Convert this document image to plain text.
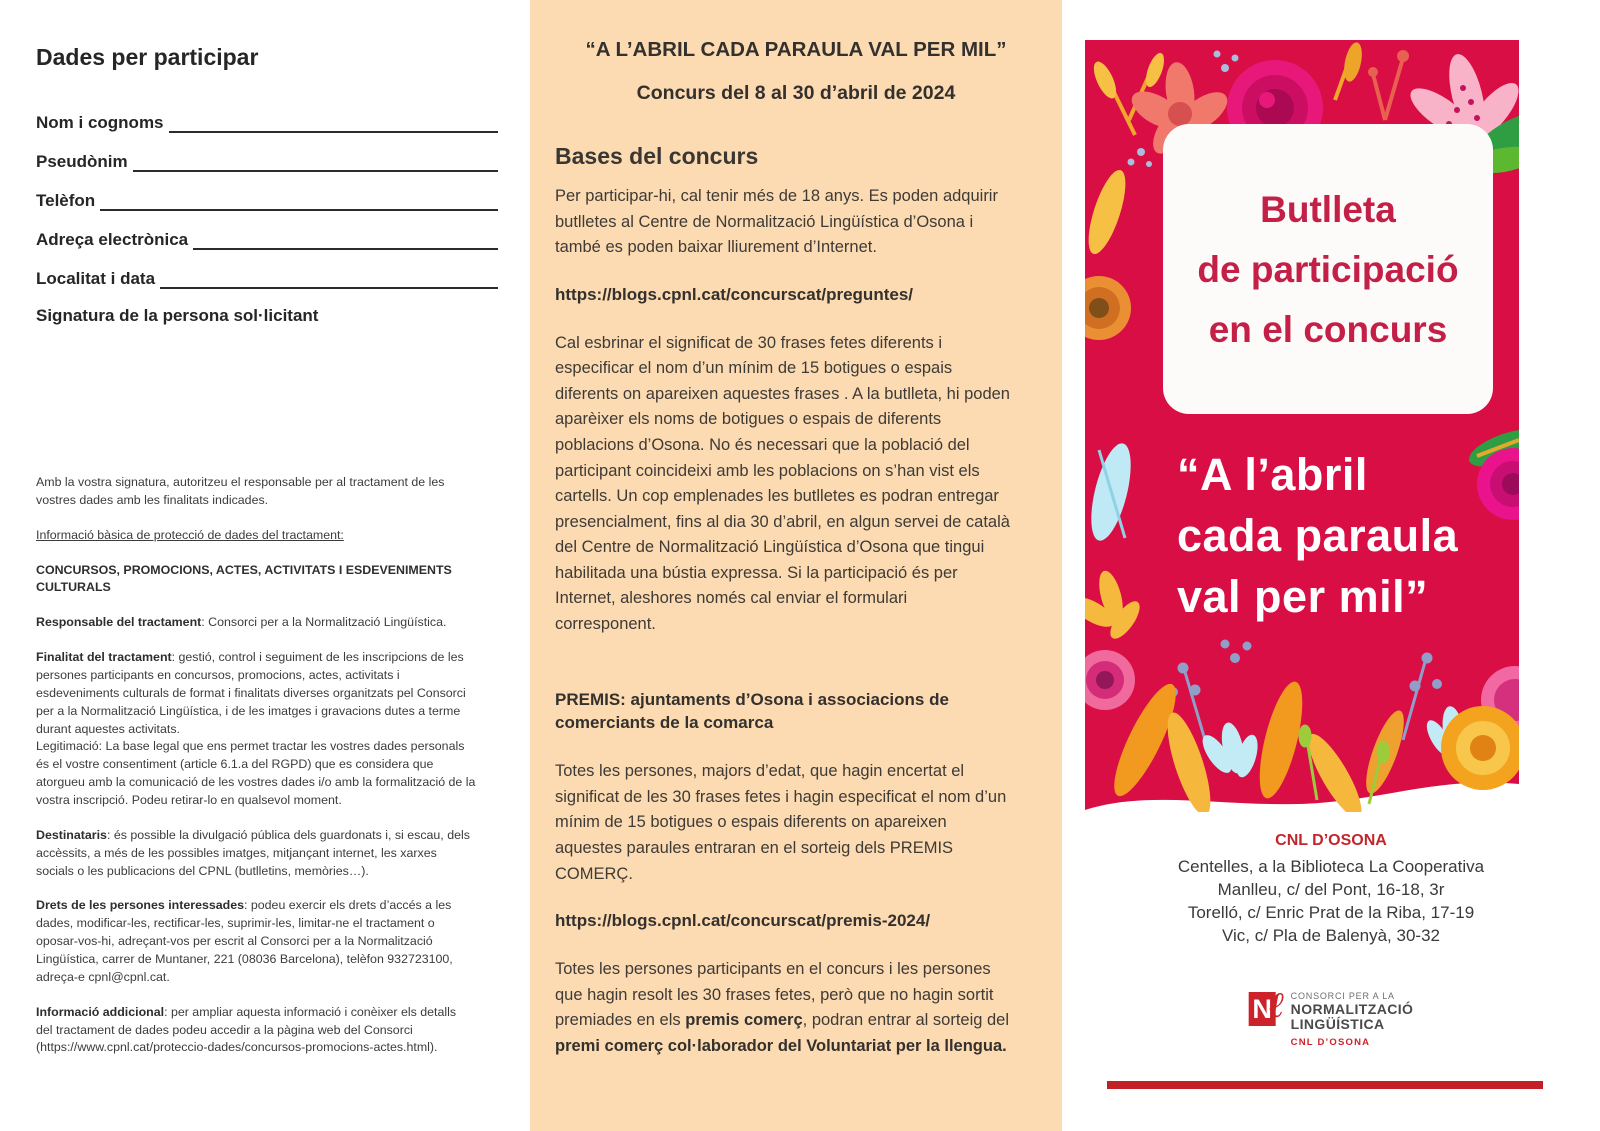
Dades per participar
Nom i cognoms
Pseudònim
Telèfon
Adreça electrònica
Localitat i data
Signatura de la persona sol·licitant
Amb la vostra signatura, autoritzeu el responsable per al tractament de les vostres dades amb les finalitats indicades.
Informació bàsica de protecció de dades del tractament:
CONCURSOS, PROMOCIONS, ACTES, ACTIVITATS I ESDEVENIMENTS CULTURALS
Responsable del tractament: Consorci per a la Normalització Lingüística.
Finalitat del tractament: gestió, control i seguiment de les inscripcions de les persones participants en concursos, promocions, actes, activitats i esdeveniments culturals de format i finalitats diverses organitzats pel Consorci per a la Normalització Lingüística, i de les imatges i gravacions dutes a terme durant aquestes activitats.
Legitimació: La base legal que ens permet tractar les vostres dades personals és el vostre consentiment (article 6.1.a del RGPD) que es considera que atorgueu amb la comunicació de les vostres dades i/o amb la formalització de la vostra inscripció. Podeu retirar-lo en qualsevol moment.
Destinataris: és possible la divulgació pública dels guardonats i, si escau, dels accèssits, a més de les possibles imatges, mitjançant internet, les xarxes socials o les publicacions del CPNL (butlletins, memòries…).
Drets de les persones interessades: podeu exercir els drets d’accés a les dades, modificar-les, rectificar-les, suprimir-les, limitar-ne el tractament o oposar-vos-hi, adreçant-vos per escrit al Consorci per a la Normalització Lingüística, carrer de Muntaner, 221 (08036 Barcelona), telèfon 932723100, adreça-e cpnl@cpnl.cat.
Informació addicional: per ampliar aquesta informació i conèixer els detalls del tractament de dades podeu accedir a la pàgina web del Consorci (https://www.cpnl.cat/proteccio-dades/concursos-promocions-actes.html).
“A L’ABRIL CADA PARAULA VAL PER MIL”
Concurs del 8 al 30 d’abril de 2024
Bases del concurs
Per participar-hi, cal tenir més de 18 anys. Es poden adquirir butlletes al Centre de Normalització Lingüística d’Osona i també es poden baixar lliurement d’Internet.
https://blogs.cpnl.cat/concurscat/preguntes/
Cal esbrinar el significat de 30 frases fetes diferents i especificar el nom d’un mínim de 15 botigues o espais diferents on apareixen aquestes frases . A la butlleta, hi poden aparèixer els noms de botigues o espais de diferents poblacions d’Osona. No és necessari que la població del participant coincideixi amb les poblacions on s’han vist els cartells. Un cop emplenades les butlletes es podran entregar presencialment, fins al dia 30 d’abril, en algun servei de català del Centre de Normalització Lingüística d’Osona que tingui habilitada una bústia expressa. Si la participació és per Internet, aleshores només cal enviar el formulari corresponent.
PREMIS: ajuntaments d’Osona i associacions de comerciants de la comarca
Totes les persones, majors d’edat, que hagin encertat el significat de les 30 frases fetes i hagin especificat el nom d’un mínim de 15 botigues o espais diferents on apareixen aquestes paraules entraran en el sorteig dels PREMIS COMERÇ.
https://blogs.cpnl.cat/concurscat/premis-2024/
Totes les persones participants en el concurs i les persones que hagin resolt les 30 frases fetes, però que no hagin sortit premiades en els premis comerç, podran entrar al sorteig del premi comerç col·laborador del Voluntariat per la llengua.
Butlleta
de participació
en el concurs
“A l’abril
cada paraula
val per mil”
CNL D’OSONA
Centelles, a la Biblioteca La Cooperativa
Manlleu, c/ del Pont, 16-18, 3r
Torelló, c/ Enric Prat de la Riba, 17-19
Vic, c/ Pla de Balenyà, 30-32
N
ℓ CONSORCI PER A LA
NORMALITZACIÓ
LINGÜÍSTICA
CNL D’OSONA
